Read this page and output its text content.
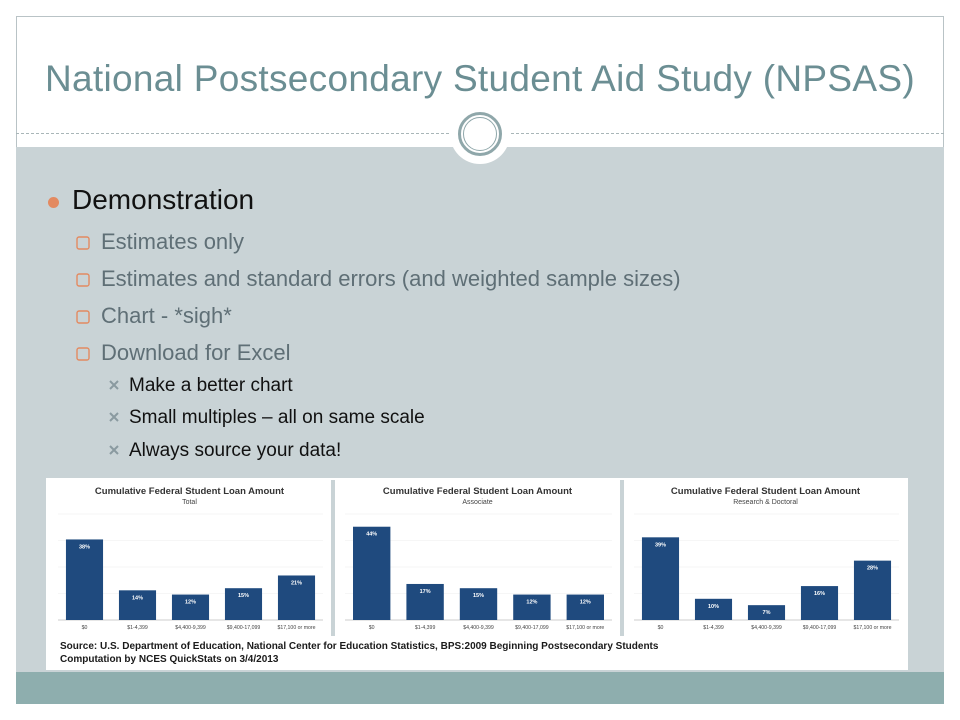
National Postsecondary Student Aid Study (NPSAS)
Demonstration
Estimates only
Estimates and standard errors (and weighted sample sizes)
Chart - *sigh*
Download for Excel
Make a better chart
Small multiples – all on same scale
Always source your data!
Cumulative Federal Student Loan Amount
Total
38%
$0
14%
$1-4,399
12%
$4,400-9,399
15%
$9,400-17,099
21%
$17,100 or more
Cumulative Federal Student Loan Amount
Associate
44%
$0
17%
$1-4,399
15%
$4,400-9,399
12%
$9,400-17,099
12%
$17,100 or more
Cumulative Federal Student Loan Amount
Research & Doctoral
39%
$0
10%
$1-4,399
7%
$4,400-9,399
16%
$9,400-17,099
28%
$17,100 or more
Source: U.S. Department of Education, National Center for Education Statistics, BPS:2009 Beginning Postsecondary Students
Computation by NCES QuickStats on 3/4/2013
